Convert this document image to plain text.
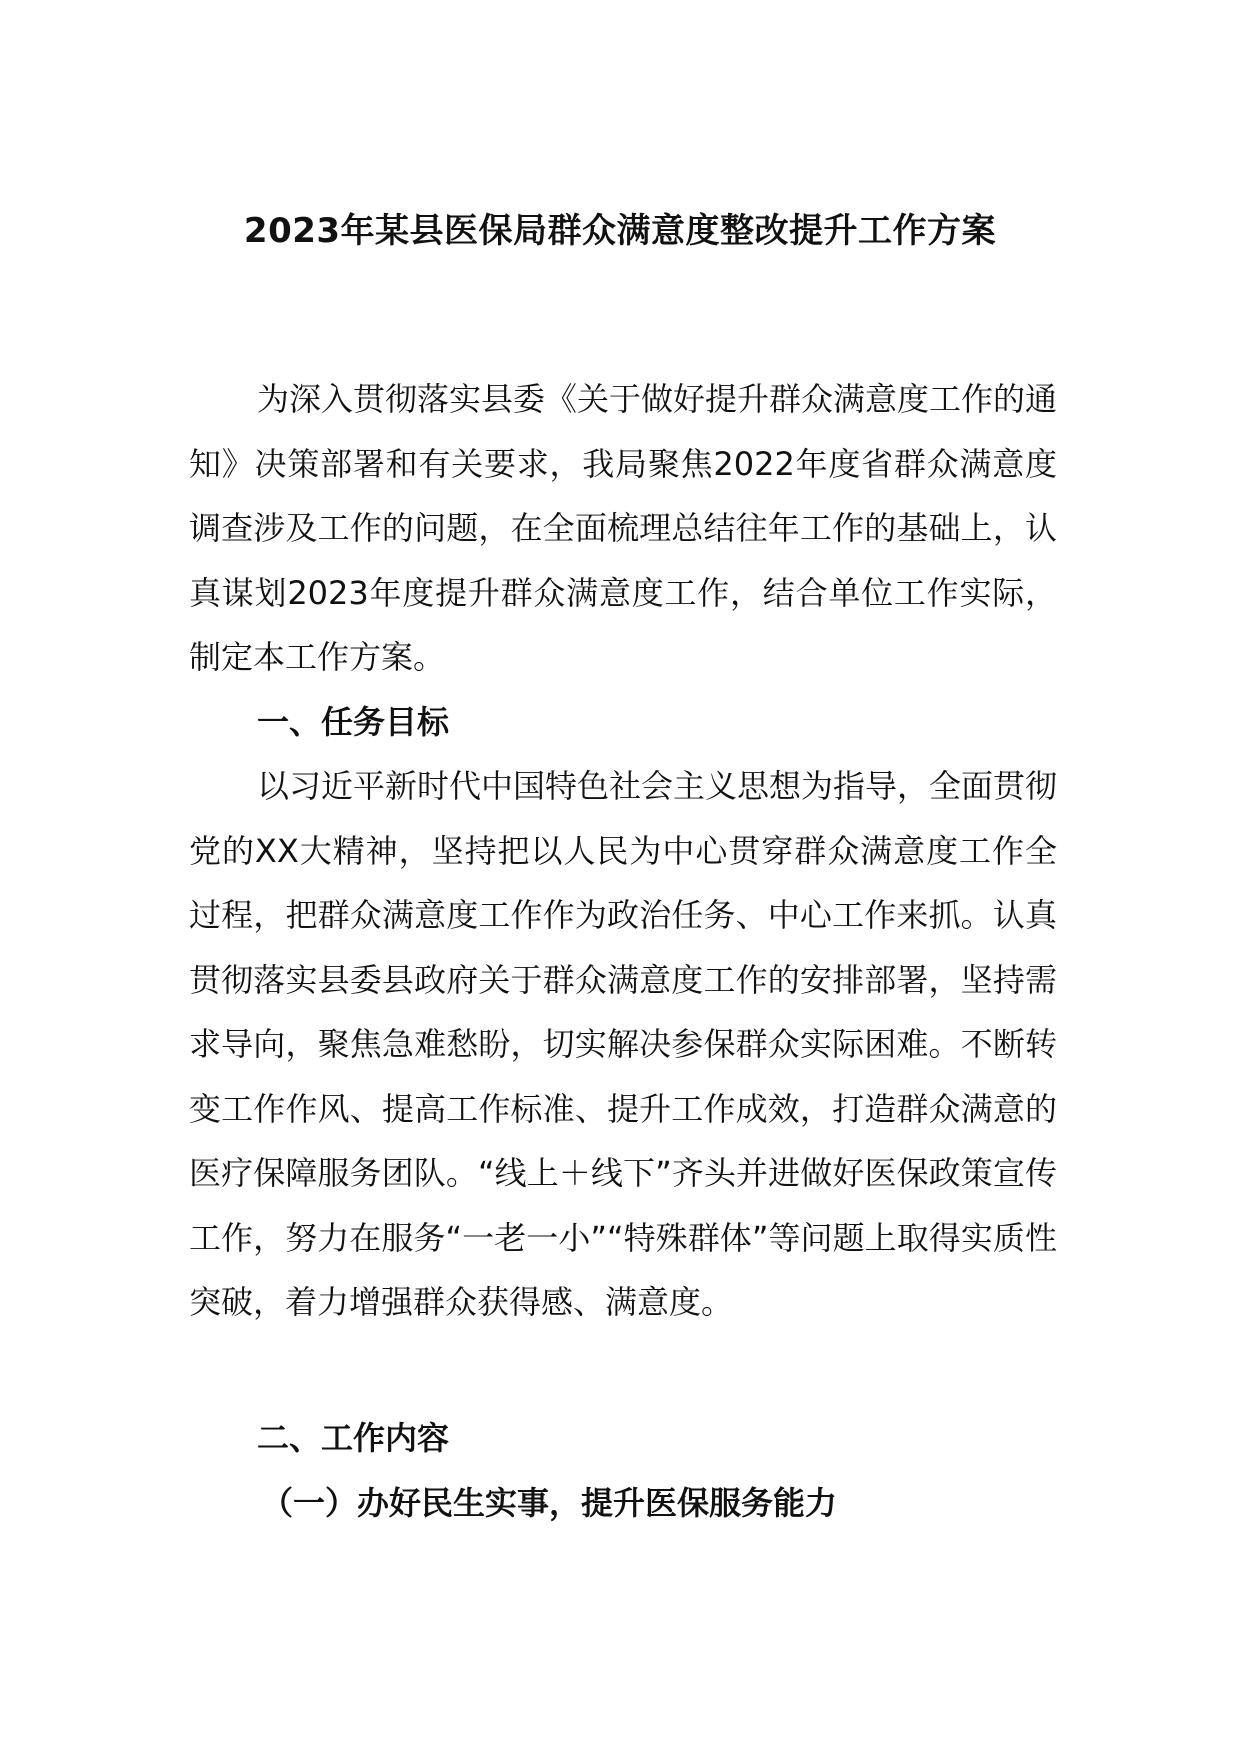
2023年某县医保局群众满意度整改提升工作方案

为深入贯彻落实县委《关于做好提升群众满意度工作的通知》决策部署和有关要求，我局聚焦2022年度省群众满意度调查涉及工作的问题，在全面梳理总结往年工作的基础上，认真谋划2023年度提升群众满意度工作，结合单位工作实际，制定本工作方案。

一、任务目标

以习近平新时代中国特色社会主义思想为指导，全面贯彻党的XX大精神，坚持把以人民为中心贯穿群众满意度工作全过程，把群众满意度工作作为政治任务、中心工作来抓。认真贯彻落实县委县政府关于群众满意度工作的安排部署，坚持需求导向，聚焦急难愁盼，切实解决参保群众实际困难。不断转变工作作风、提高工作标准、提升工作成效，打造群众满意的医疗保障服务团队。“线上＋线下”齐头并进做好医保政策宣传工作，努力在服务“一老一小”“特殊群体”等问题上取得实质性突破，着力增强群众获得感、满意度。

二、工作内容
（一）办好民生实事，提升医保服务能力
